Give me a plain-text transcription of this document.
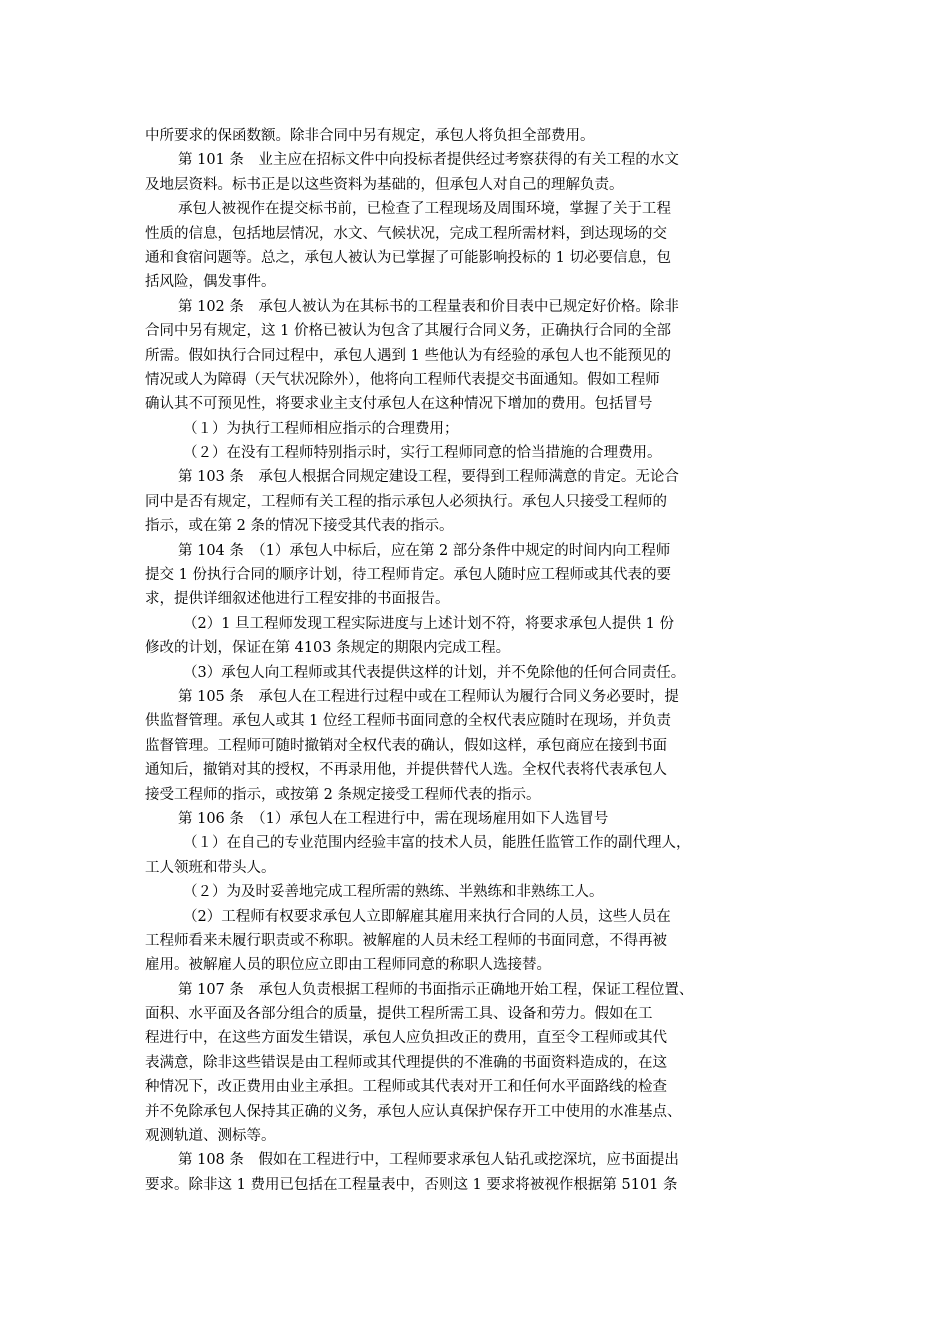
中所要求的保函数额。除非合同中另有规定，承包人将负担全部费用。
第 101 条　业主应在招标文件中向投标者提供经过考察获得的有关工程的水文
及地层资料。标书正是以这些资料为基础的，但承包人对自己的理解负责。
承包人被视作在提交标书前，已检查了工程现场及周围环境，掌握了关于工程
性质的信息，包括地层情况，水文、气候状况，完成工程所需材料，到达现场的交
通和食宿问题等。总之，承包人被认为已掌握了可能影响投标的 1 切必要信息，包
括风险，偶发事件。
第 102 条　承包人被认为在其标书的工程量表和价目表中已规定好价格。除非
合同中另有规定，这 1 价格已被认为包含了其履行合同义务，正确执行合同的全部
所需。假如执行合同过程中，承包人遇到 1 些他认为有经验的承包人也不能预见的
情况或人为障碍（天气状况除外），他将向工程师代表提交书面通知。假如工程师
确认其不可预见性，将要求业主支付承包人在这种情况下增加的费用。包括冒号
（１）为执行工程师相应指示的合理费用；
（２）在没有工程师特别指示时，实行工程师同意的恰当措施的合理费用。
第 103 条　承包人根据合同规定建设工程，要得到工程师满意的肯定。无论合
同中是否有规定，工程师有关工程的指示承包人必须执行。承包人只接受工程师的
指示，或在第 2 条的情况下接受其代表的指示。
第 104 条　（1）承包人中标后，应在第 2 部分条件中规定的时间内向工程师
提交 1 份执行合同的顺序计划，待工程师肯定。承包人随时应工程师或其代表的要
求，提供详细叙述他进行工程安排的书面报告。
（2）1 旦工程师发现工程实际进度与上述计划不符，将要求承包人提供 1 份
修改的计划，保证在第 4103 条规定的期限内完成工程。
（3）承包人向工程师或其代表提供这样的计划，并不免除他的任何合同责任。
第 105 条　承包人在工程进行过程中或在工程师认为履行合同义务必要时，提
供监督管理。承包人或其 1 位经工程师书面同意的全权代表应随时在现场，并负责
监督管理。工程师可随时撤销对全权代表的确认，假如这样，承包商应在接到书面
通知后，撤销对其的授权，不再录用他，并提供替代人选。全权代表将代表承包人
接受工程师的指示，或按第 2 条规定接受工程师代表的指示。
第 106 条　（1）承包人在工程进行中，需在现场雇用如下人选冒号
（１）在自己的专业范围内经验丰富的技术人员，能胜任监管工作的副代理人，
工人领班和带头人。
（２）为及时妥善地完成工程所需的熟练、半熟练和非熟练工人。
（2）工程师有权要求承包人立即解雇其雇用来执行合同的人员，这些人员在
工程师看来未履行职责或不称职。被解雇的人员未经工程师的书面同意，不得再被
雇用。被解雇人员的职位应立即由工程师同意的称职人选接替。
第 107 条　承包人负责根据工程师的书面指示正确地开始工程，保证工程位置、
面积、水平面及各部分组合的质量，提供工程所需工具、设备和劳力。假如在工
程进行中，在这些方面发生错误，承包人应负担改正的费用，直至令工程师或其代
表满意，除非这些错误是由工程师或其代理提供的不准确的书面资料造成的，在这
种情况下，改正费用由业主承担。工程师或其代表对开工和任何水平面路线的检查
并不免除承包人保持其正确的义务，承包人应认真保护保存开工中使用的水准基点、
观测轨道、测标等。
第 108 条　假如在工程进行中，工程师要求承包人钻孔或挖深坑，应书面提出
要求。除非这 1 费用已包括在工程量表中，否则这 1 要求将被视作根据第 5101 条
